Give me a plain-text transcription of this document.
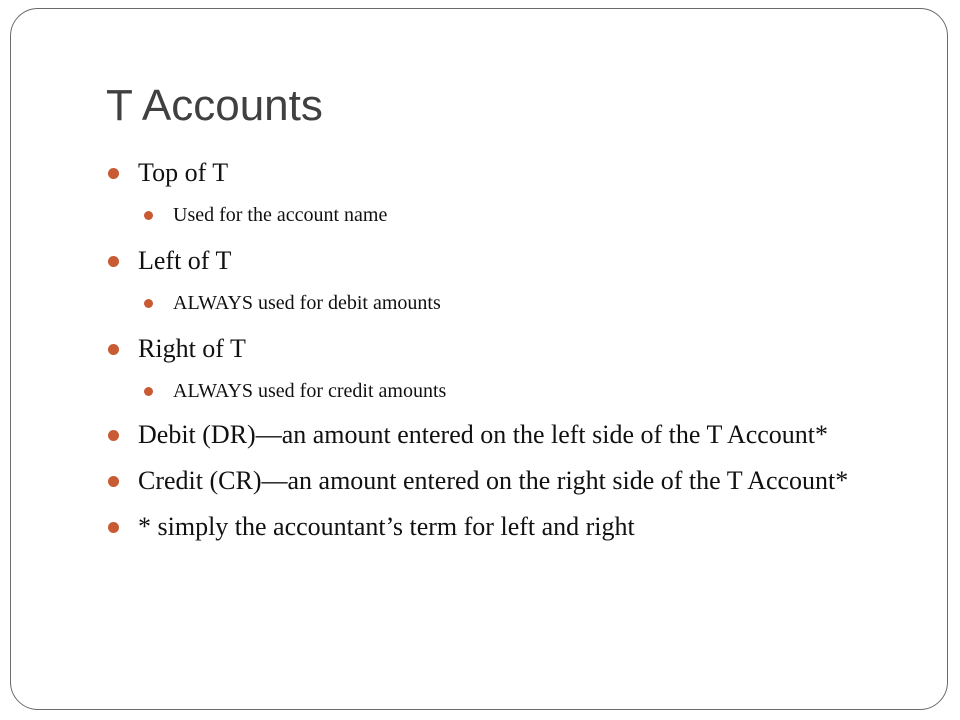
T Accounts
Top of T
Used for the account name
Left of T
ALWAYS used for debit amounts
Right of T
ALWAYS used for credit amounts
Debit (DR)—an amount entered on the left side of the T Account*
Credit (CR)—an amount entered on the right side of the T Account*
* simply the accountant’s term for left and right
